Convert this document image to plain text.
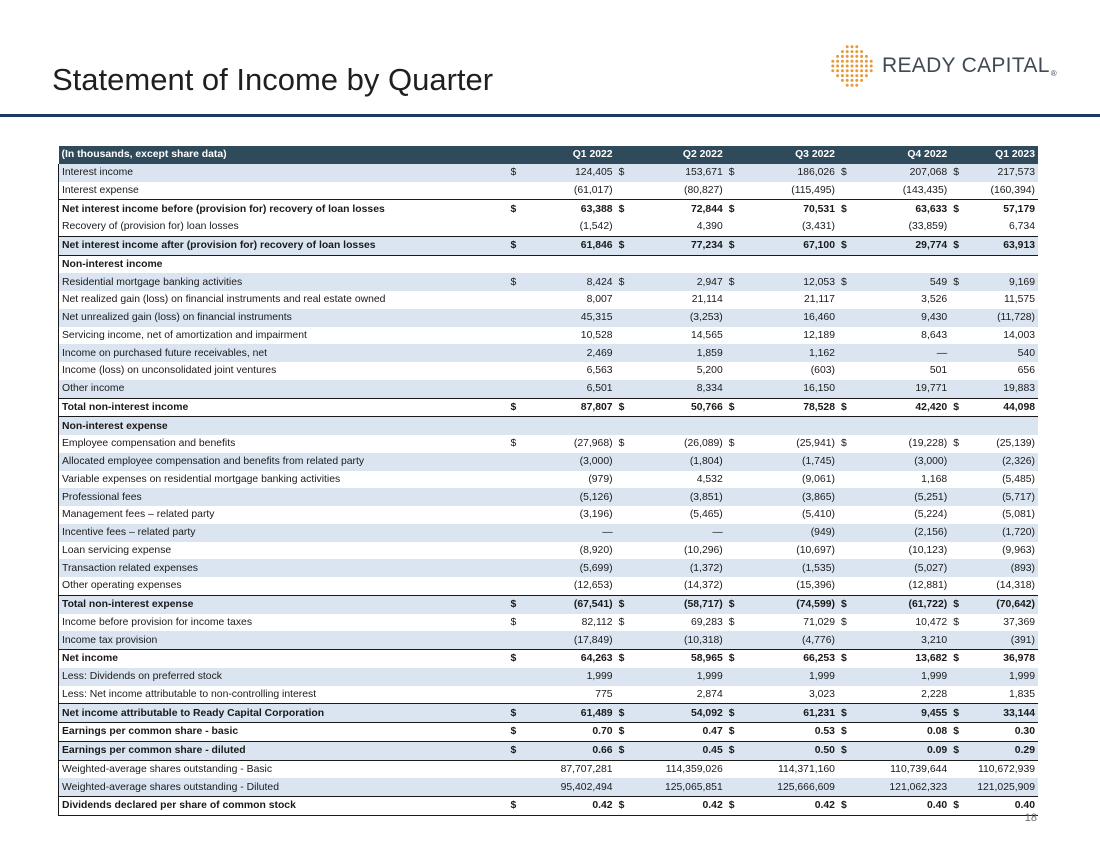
Statement of Income by Quarter	READY CAPITAL®
(In thousands, except share data)	Q1 2022		Q2 2022		Q3 2022		Q4 2022		Q1 2023	
Interest income	$	124,405	$	153,671	$	186,026	$	207,068	$	217,573
Interest expense		(61,017)		(80,827)		(115,495)		(143,435)		(160,394)
Net interest income before (provision for) recovery of loan losses	$	63,388	$	72,844	$	70,531	$	63,633	$	57,179
Recovery of (provision for) loan losses		(1,542)		4,390		(3,431)		(33,859)		6,734
Net interest income after (provision for) recovery of loan losses	$	61,846	$	77,234	$	67,100	$	29,774	$	63,913
Non-interest income										
Residential mortgage banking activities	$	8,424	$	2,947	$	12,053	$	549	$	9,169
Net realized gain (loss) on financial instruments and real estate owned		8,007		21,114		21,117		3,526		11,575
Net unrealized gain (loss) on financial instruments		45,315		(3,253)		16,460		9,430		(11,728)
Servicing income, net of amortization and impairment		10,528		14,565		12,189		8,643		14,003
Income on purchased future receivables, net		2,469		1,859		1,162		—		540
Income (loss) on unconsolidated joint ventures		6,563		5,200		(603)		501		656
Other income		6,501		8,334		16,150		19,771		19,883
Total non-interest income	$	87,807	$	50,766	$	78,528	$	42,420	$	44,098
Non-interest expense										
Employee compensation and benefits	$	(27,968)	$	(26,089)	$	(25,941)	$	(19,228)	$	(25,139)
Allocated employee compensation and benefits from related party		(3,000)		(1,804)		(1,745)		(3,000)		(2,326)
Variable expenses on residential mortgage banking activities		(979)		4,532		(9,061)		1,168		(5,485)
Professional fees		(5,126)		(3,851)		(3,865)		(5,251)		(5,717)
Management fees – related party		(3,196)		(5,465)		(5,410)		(5,224)		(5,081)
Incentive fees – related party		—		—		(949)		(2,156)		(1,720)
Loan servicing expense		(8,920)		(10,296)		(10,697)		(10,123)		(9,963)
Transaction related expenses		(5,699)		(1,372)		(1,535)		(5,027)		(893)
Other operating expenses		(12,653)		(14,372)		(15,396)		(12,881)		(14,318)
Total non-interest expense	$	(67,541)	$	(58,717)	$	(74,599)	$	(61,722)	$	(70,642)
Income before provision for income taxes	$	82,112	$	69,283	$	71,029	$	10,472	$	37,369
Income tax provision		(17,849)		(10,318)		(4,776)		3,210		(391)
Net income	$	64,263	$	58,965	$	66,253	$	13,682	$	36,978
Less: Dividends on preferred stock		1,999		1,999		1,999		1,999		1,999
Less: Net income attributable to non-controlling interest		775		2,874		3,023		2,228		1,835
Net income attributable to Ready Capital Corporation	$	61,489	$	54,092	$	61,231	$	9,455	$	33,144
Earnings per common share - basic	$	0.70	$	0.47	$	0.53	$	0.08	$	0.30
Earnings per common share - diluted	$	0.66	$	0.45	$	0.50	$	0.09	$	0.29
Weighted-average shares outstanding - Basic		87,707,281		114,359,026		114,371,160		110,739,644		110,672,939
Weighted-average shares outstanding - Diluted		95,402,494		125,065,851		125,666,609		121,062,323		121,025,909
Dividends declared per share of common stock	$	0.42	$	0.42	$	0.42	$	0.40	$	0.40
18
